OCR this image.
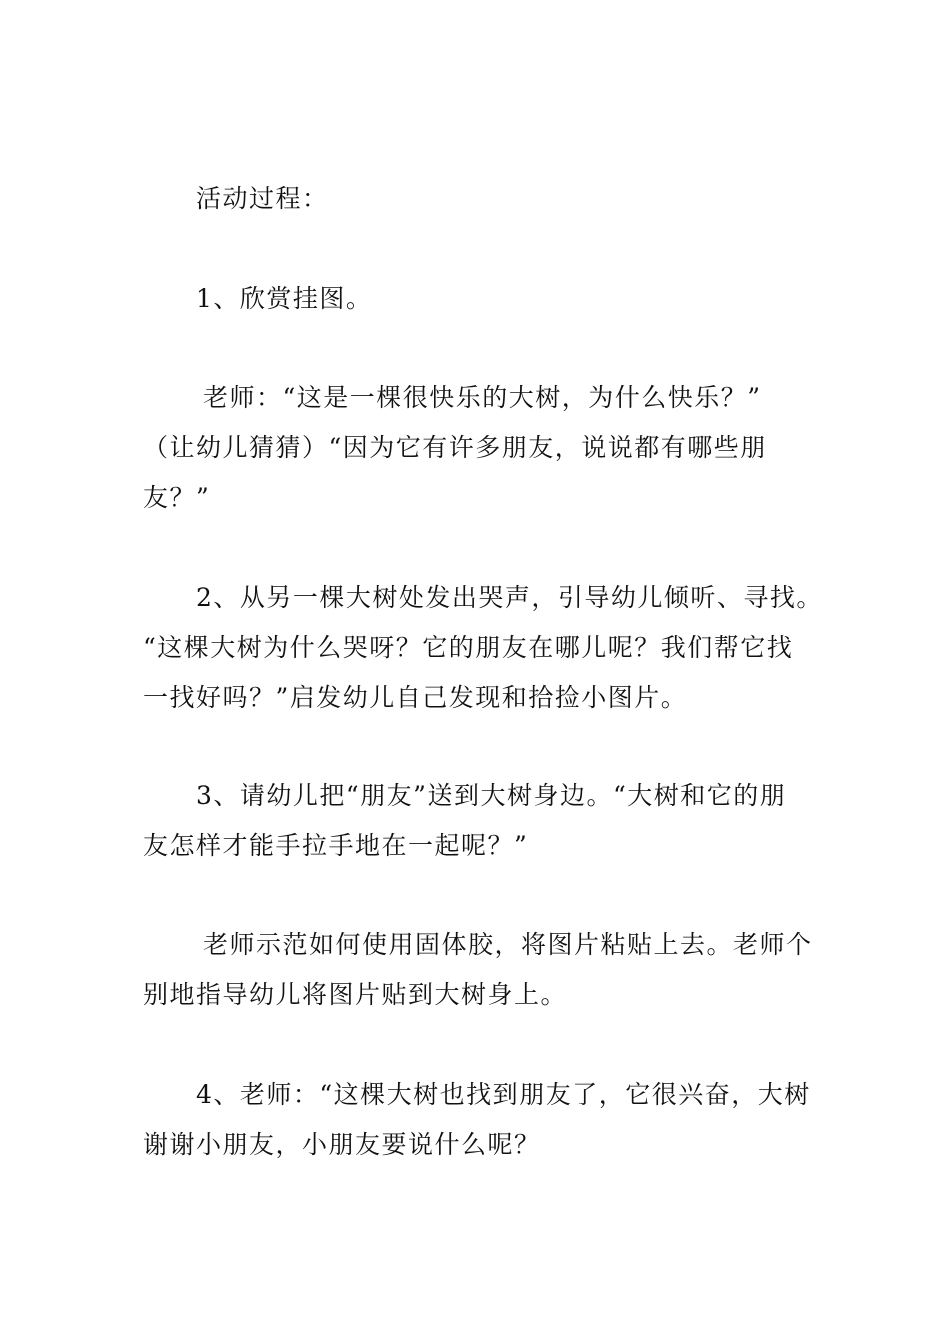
活动过程：
1、欣赏挂图。
老师：“这是一棵很快乐的大树，为什么快乐？”
（让幼儿猜猜）“因为它有许多朋友，说说都有哪些朋
友？”
2、从另一棵大树处发出哭声，引导幼儿倾听、寻找。
“这棵大树为什么哭呀？它的朋友在哪儿呢？我们帮它找
一找好吗？”启发幼儿自己发现和拾捡小图片。
3、请幼儿把“朋友”送到大树身边。“大树和它的朋
友怎样才能手拉手地在一起呢？”
老师示范如何使用固体胶，将图片粘贴上去。老师个
别地指导幼儿将图片贴到大树身上。
4、老师：“这棵大树也找到朋友了，它很兴奋，大树
谢谢小朋友，小朋友要说什么呢？
